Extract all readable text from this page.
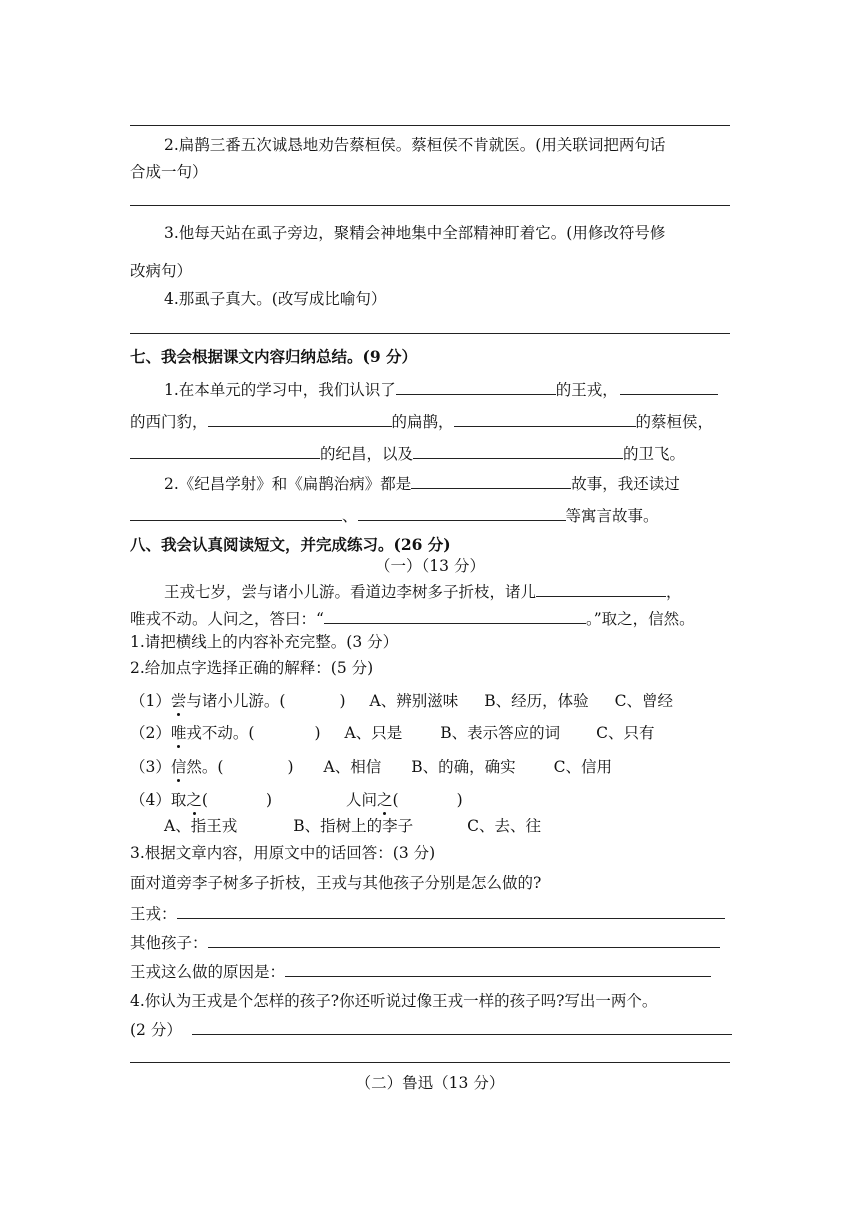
2.扁鹊三番五次诚恳地劝告蔡桓侯。蔡桓侯不肯就医。(用关联词把两句话
合成一句）
3.他每天站在虱子旁边，聚精会神地集中全部精神盯着它。(用修改符号修
改病句）
4.那虱子真大。(改写成比喻句）
七、我会根据课文内容归纳总结。(9 分）
1.在本单元的学习中，我们认识了	的王戎，
的西门豹，	的扁鹊，	的蔡桓侯，
的纪昌，以及	的卫飞。
2.《纪昌学射》和《扁鹊治病》都是	故事，我还读过
、	等寓言故事。
八、我会认真阅读短文，并完成练习。(26 分)
（一）（13 分）
王戎七岁，尝与诸小儿游。看道边李树多子折枝，诸儿	，
唯戎不动。人问之，答曰：“	。”取之，信然。
1.请把横线上的内容补充完整。(3 分）
2.给加点字选择正确的解释：(5 分)
（1）尝与诸小儿游。(	) A、辨别滋味 B、经历，体验 C、曾经
（2）唯戎不动。(	) A、只是 B、表示答应的词 C、只有
（3）信然。(	) A、相信 B、的确，确实 C、信用
（4）取之(	)	人问之(	)
A、指王戎	B、指树上的李子	C、去、往
3.根据文章内容，用原文中的话回答：(3 分)
面对道旁李子树多子折枝，王戎与其他孩子分别是怎么做的?
王戎：
其他孩子：
王戎这么做的原因是：
4.你认为王戎是个怎样的孩子?你还听说过像王戎一样的孩子吗?写出一两个。
(2 分）
（二）鲁迅（13 分）
